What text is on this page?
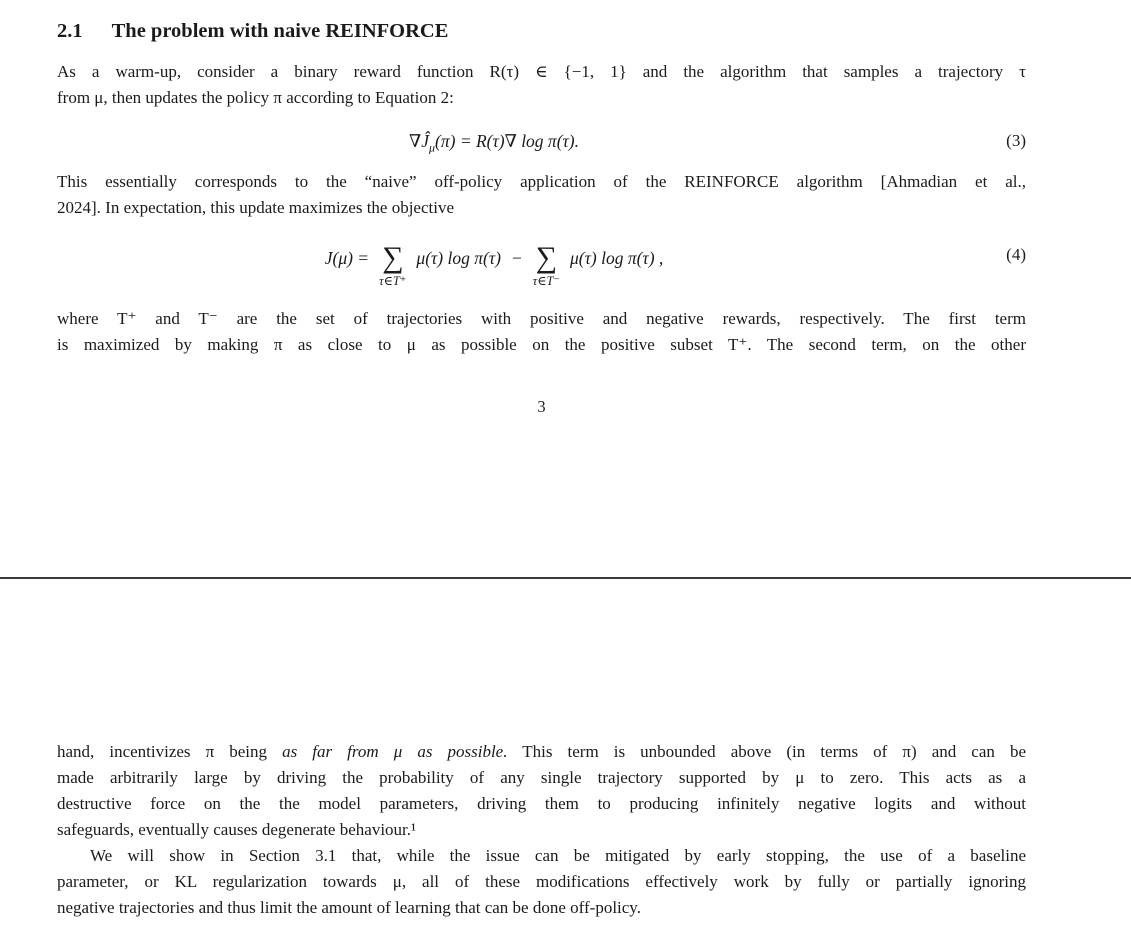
2.1 The problem with naive REINFORCE
As a warm-up, consider a binary reward function R(τ) ∈ {−1, 1} and the algorithm that samples a trajectory τ
from μ, then updates the policy π according to Equation 2:
$\nabla Ĵ_\mu(\pi) = R(\tau)\nabla$ log π(τ).	(3)
This essentially corresponds to the “naive” off-policy application of the REINFORCE algorithm [Ahmadian et al.,
2024]. In expectation, this update maximizes the objective
J(μ) = ∑
τ∈T⁺
μ(τ) log π(τ) − ∑
τ∈T⁻
μ(τ) log π(τ) ,	(4)
where T⁺ and T⁻ are the set of trajectories with positive and negative rewards, respectively. The first term
is maximized by making π as close to μ as possible on the positive subset T⁺. The second term, on the other
3
hand, incentivizes π being as far from μ as possible. This term is unbounded above (in terms of π) and can be
made arbitrarily large by driving the probability of any single trajectory supported by μ to zero. This acts as a
destructive force on the the model parameters, driving them to producing infinitely negative logits and without
safeguards, eventually causes degenerate behaviour.¹
We will show in Section 3.1 that, while the issue can be mitigated by early stopping, the use of a baseline
parameter, or KL regularization towards μ, all of these modifications effectively work by fully or partially ignoring
negative trajectories and thus limit the amount of learning that can be done off-policy.
